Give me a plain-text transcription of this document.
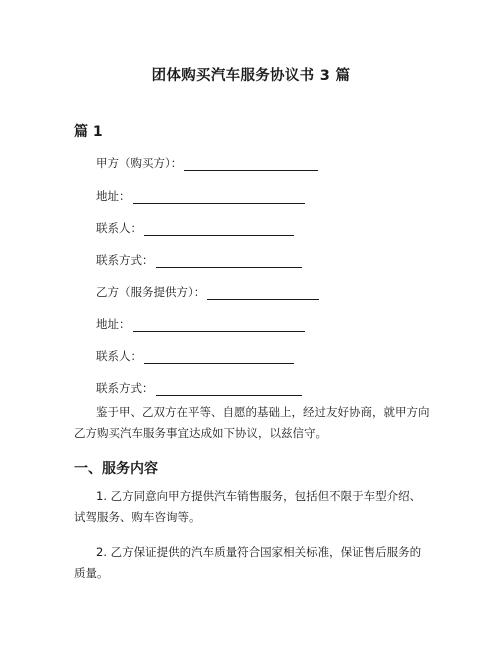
团体购买汽车服务协议书 3 篇
篇 1
甲方（购买方）：
地址：
联系人：
联系方式：
乙方（服务提供方）：
地址：
联系人：
联系方式：
鉴于甲、乙双方在平等、自愿的基础上，经过友好协商，就甲方向乙方购买汽车服务事宜达成如下协议，以兹信守。
一、服务内容
1. 乙方同意向甲方提供汽车销售服务，包括但不限于车型介绍、试驾服务、购车咨询等。
2. 乙方保证提供的汽车质量符合国家相关标准，保证售后服务的质量。
